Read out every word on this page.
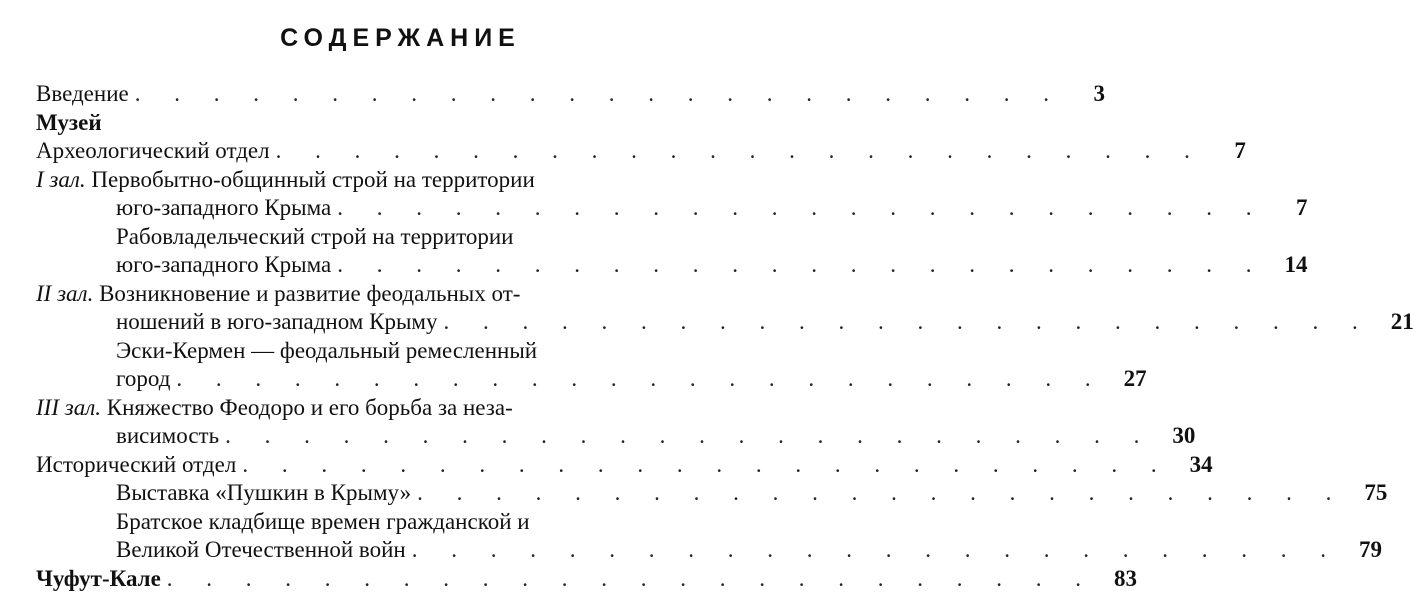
СОДЕРЖАНИЕ
Введение . . . . . . . . . . . . . . . . . . . . . . . .	3
Музей
Археологический отдел . . . . . . . . . . . . . . . . . . . . . . . .	7
I зал. Первобытно-общинный строй на территории
юго-западного Крыма . . . . . . . . . . . . . . . . . . . . . . . .	7
Рабовладельческий строй на территории
юго-западного Крыма . . . . . . . . . . . . . . . . . . . . . . . . 14
II зал. Возникновение и развитие феодальных от-
ношений в юго-западном Крыму . . . . . . . . . . . . . . . . . . . . . . . . 21
Эски-Кермен — феодальный ремесленный
город . . . . . . . . . . . . . . . . . . . . . . . . 27
III зал. Княжество Феодоро и его борьба за неза-
висимость . . . . . . . . . . . . . . . . . . . . . . . . 30
Исторический отдел . . . . . . . . . . . . . . . . . . . . . . . . 34
Выставка «Пушкин в Крыму» . . . . . . . . . . . . . . . . . . . . . . . . 75
Братское кладбище времен гражданской и
Великой Отечественной войн . . . . . . . . . . . . . . . . . . . . . . . . 79
Чуфут-Кале . . . . . . . . . . . . . . . . . . . . . . . . 83
